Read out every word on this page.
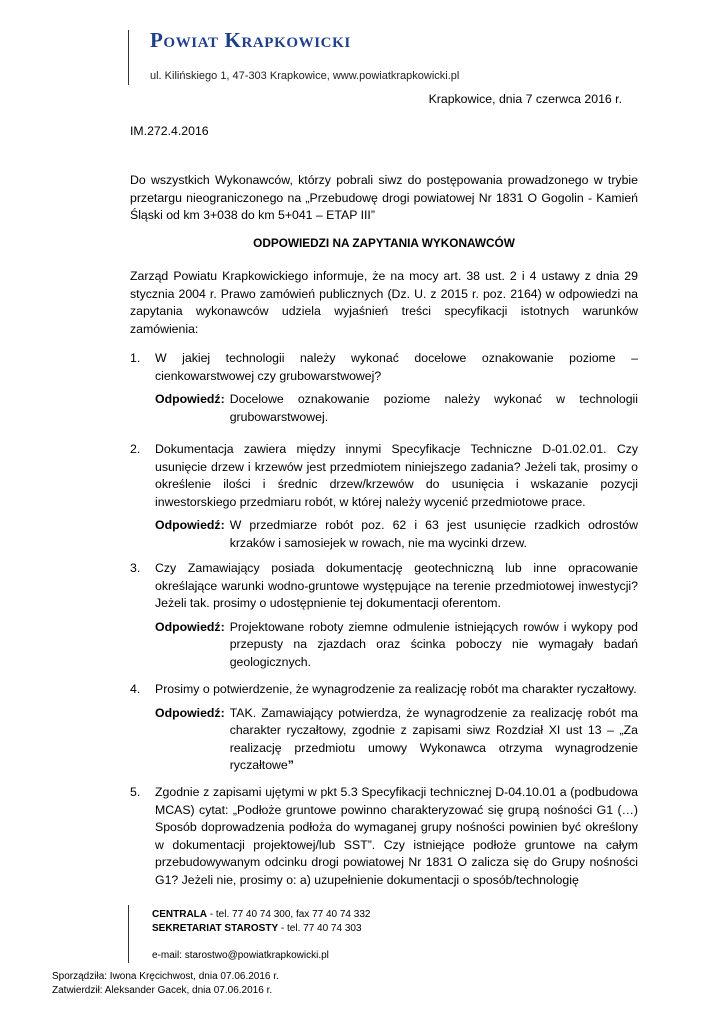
Powiat Krapkowicki
ul. Kilińskiego 1, 47-303 Krapkowice, www.powiatkrapkowicki.pl
Krapkowice, dnia 7 czerwca 2016 r.
IM.272.4.2016

Do wszystkich Wykonawców, którzy pobrali siwz do postępowania prowadzonego w trybie przetargu nieograniczonego na „Przebudowę drogi powiatowej Nr 1831 O Gogolin - Kamień Śląski od km 3+038 do km 5+041 – ETAP III”

ODPOWIEDZI NA ZAPYTANIA WYKONAWCÓW

Zarząd Powiatu Krapkowickiego informuje, że na mocy art. 38 ust. 2 i 4 ustawy z dnia 29 stycznia 2004 r. Prawo zamówień publicznych (Dz. U. z 2015 r. poz. 2164) w odpowiedzi na zapytania wykonawców udziela wyjaśnień treści specyfikacji istotnych warunków zamówienia:

1. W jakiej technologii należy wykonać docelowe oznakowanie poziome – cienkowarstwowej czy grubowarstwowej?
Odpowiedź: Docelowe oznakowanie poziome należy wykonać w technologii grubowarstwowej.
2. Dokumentacja zawiera między innymi Specyfikacje Techniczne D-01.02.01. Czy usunięcie drzew i krzewów jest przedmiotem niniejszego zadania? Jeżeli tak, prosimy o określenie ilości i średnic drzew/krzewów do usunięcia i wskazanie pozycji inwestorskiego przedmiaru robót, w której należy wycenić przedmiotowe prace.
Odpowiedź: W przedmiarze robót poz. 62 i 63 jest usunięcie rzadkich odrostów krzaków i samosiejek w rowach, nie ma wycinki drzew.
3. Czy Zamawiający posiada dokumentację geotechniczną lub inne opracowanie określające warunki wodno-gruntowe występujące na terenie przedmiotowej inwestycji? Jeżeli tak. prosimy o udostępnienie tej dokumentacji oferentom.
Odpowiedź: Projektowane roboty ziemne odmulenie istniejących rowów i wykopy pod przepusty na zjazdach oraz ścinka poboczy nie wymagały badań geologicznych.
4. Prosimy o potwierdzenie, że wynagrodzenie za realizację robót ma charakter ryczałtowy.
Odpowiedź: TAK. Zamawiający potwierdza, że wynagrodzenie za realizację robót ma charakter ryczałtowy, zgodnie z zapisami siwz Rozdział XI ust 13 – „Za realizację przedmiotu umowy Wykonawca otrzyma wynagrodzenie ryczałtowe”
5. Zgodnie z zapisami ujętymi w pkt 5.3 Specyfikacji technicznej D-04.10.01 a (podbudowa MCAS) cytat: „Podłoże gruntowe powinno charakteryzować się grupą nośności G1 (…) Sposób doprowadzenia podłoża do wymaganej grupy nośności powinien być określony w dokumentacji projektowej/lub SST”. Czy istniejące podłoże gruntowe na całym przebudowywanym odcinku drogi powiatowej Nr 1831 O zalicza się do Grupy nośności G1? Jeżeli nie, prosimy o: a) uzupełnienie dokumentacji o sposób/technologię
CENTRALA - tel. 77 40 74 300, fax 77 40 74 332
SEKRETARIAT STAROSTY - tel. 77 40 74 303
e-mail: starostwo@powiatkrapkowicki.pl
Sporządziła: Iwona Kręcichwost, dnia 07.06.2016 r.
Zatwierdził: Aleksander Gacek, dnia 07.06.2016 r.
